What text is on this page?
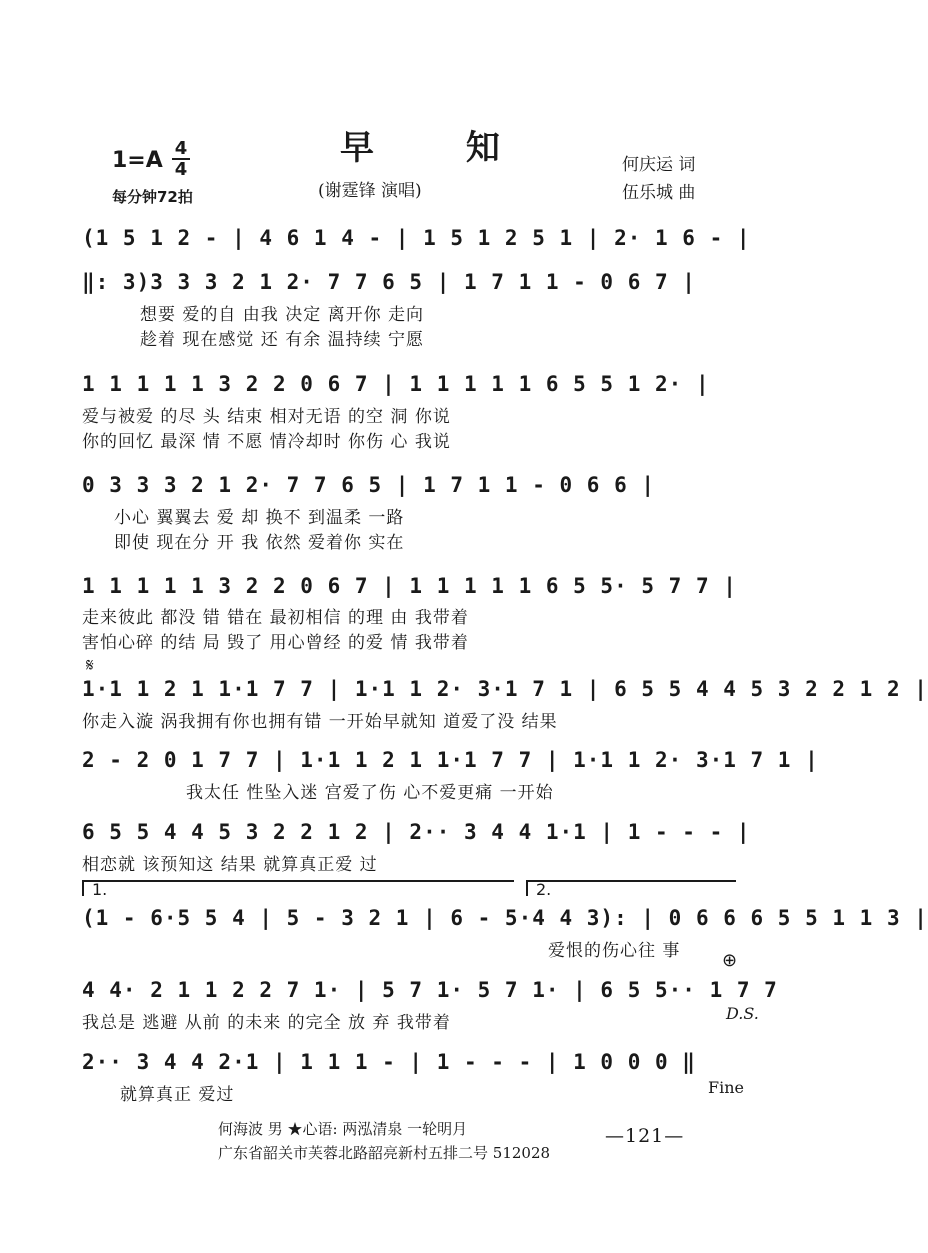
早 知
(谢霆锋 演唱)
1=A 4
4
每分钟72拍
何庆运 词
伍乐城 曲
(1 5 1 2 - | 4 6 1 4 - | 1 5 1 2 5 1 | 2· 1 6 - |
‖: 3)3 3 3 2 1 2· 7 7 6 5 | 1 7 1 1 - 0 6 7 |
想要 爱的自 由我 决定 离开你 走向
趁着 现在感觉 还 有余 温持续 宁愿
1 1 1 1 1 3 2 2 0 6 7 | 1 1 1 1 1 6 5 5 1 2· |
爱与被爱 的尽 头 结束 相对无语 的空 洞 你说
你的回忆 最深 情 不愿 情冷却时 你伤 心 我说
0 3 3 3 2 1 2· 7 7 6 5 | 1 7 1 1 - 0 6 6 |
小心 翼翼去 爱 却 换不 到温柔 一路
即使 现在分 开 我 依然 爱着你 实在
1 1 1 1 1 3 2 2 0 6 7 | 1 1 1 1 1 6 5 5· 5 7 7 |
走来彼此 都没 错 错在 最初相信 的理 由 我带着
害怕心碎 的结 局 毁了 用心曾经 的爱 情 我带着
𝄋
1·1 1 2 1 1·1 7 7 | 1·1 1 2· 3·1 7 1 | 6 5 5 4 4 5 3 2 2 1 2 |
你走入漩 涡我拥有你也拥有错 一开始早就知 道爱了没 结果
2 - 2 0 1 7 7 | 1·1 1 2 1 1·1 7 7 | 1·1 1 2· 3·1 7 1 |
我太任 性坠入迷 宫爱了伤 心不爱更痛 一开始
6 5 5 4 4 5 3 2 2 1 2 | 2·· 3 4 4 1·1 | 1 - - - |
相恋就 该预知这 结果 就算真正爱 过
1.	2.
(1 - 6·5 5 4 | 5 - 3 2 1 | 6 - 5·4 4 3): | 0 6 6 6 5 5 1 1 3 |
爱恨的伤心往 事 ⊕
4 4· 2 1 1 2 2 7 1· | 5 7 1· 5 7 1· | 6 5 5·· 1 7 7
我总是 逃避 从前 的未来 的完全 放 弃 我带着	D.S.
2·· 3 4 4 2·1 | 1 1 1 - | 1 - - - | 1 0 0 0 ‖
就算真正 爱过	Fine
何海波 男 ★心语: 两泓清泉 一轮明月
广东省韶关市芙蓉北路韶亮新村五排二号 512028
—121—
